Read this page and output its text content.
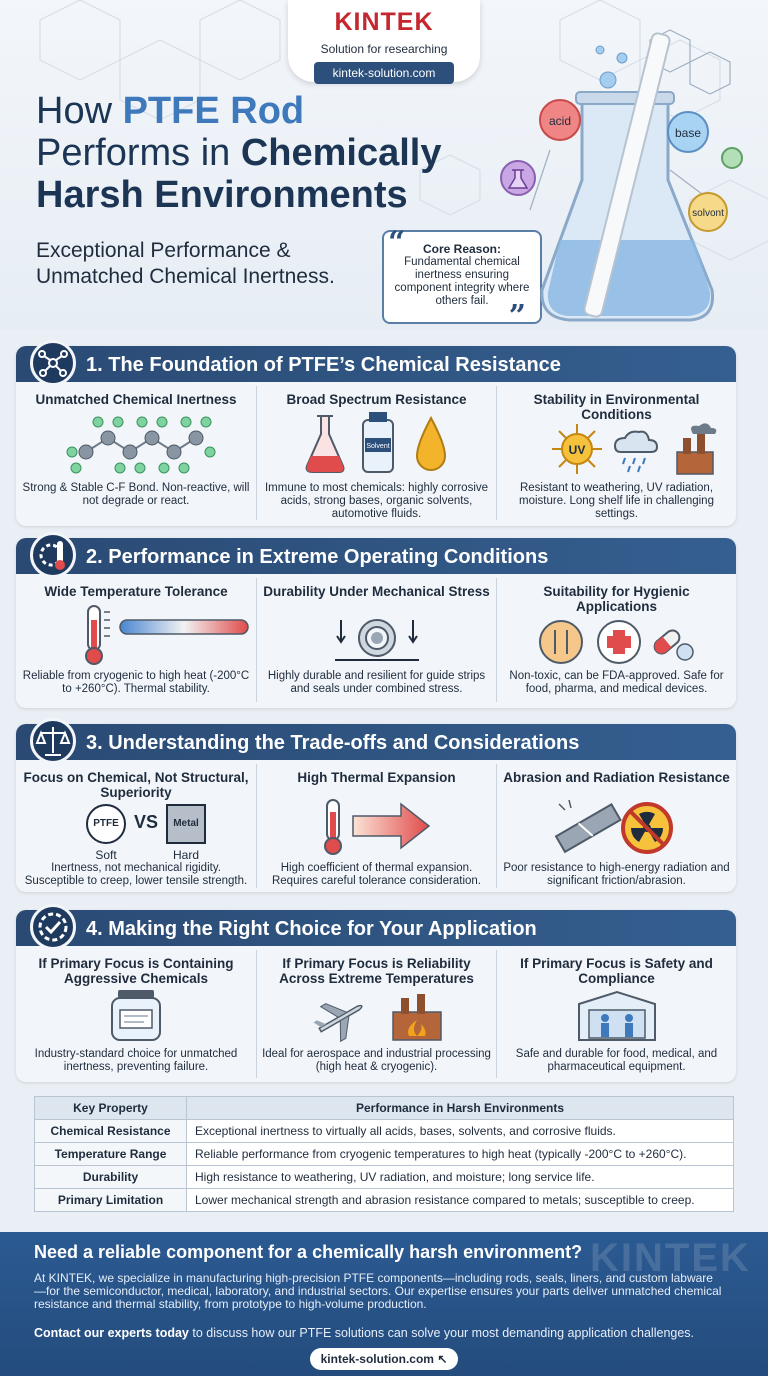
KINTEK
Solution for researching
kintek-solution.com
How PTFE Rod
Performs in Chemically
Harsh Environments
Exceptional Performance & Unmatched Chemical Inertness.
“	Core Reason:
Fundamental chemical inertness ensuring component integrity where others fail. ”
acid
base
solvont
1. The Foundation of PTFE’s Chemical Resistance
Unmatched Chemical Inertness
Strong & Stable C-F Bond. Non-reactive, will not degrade or react.
Broad Spectrum Resistance
Solvent
Immune to most chemicals: highly corrosive acids, strong bases, organic solvents, automotive fluids.
Stability in Environmental Conditions
UV
Resistant to weathering, UV radiation, moisture. Long shelf life in challenging settings.
2. Performance in Extreme Operating Conditions
Wide Temperature Tolerance
Reliable from cryogenic to high heat (-200°C to +260°C). Thermal stability.
Durability Under Mechanical Stress
Highly durable and resilient for guide strips and seals under combined stress.
Suitability for Hygienic Applications
Non-toxic, can be FDA-approved. Safe for food, pharma, and medical devices.
3. Understanding the Trade-offs and Considerations
Focus on Chemical, Not Structural, Superiority
PTFE VS	Metal
Soft	Hard
Inertness, not mechanical rigidity. Susceptible to creep, lower tensile strength.
High Thermal Expansion
High coefficient of thermal expansion. Requires careful tolerance consideration.
Abrasion and Radiation Resistance
Poor resistance to high-energy radiation and significant friction/abrasion.
4. Making the Right Choice for Your Application
If Primary Focus is Containing Aggressive Chemicals
Industry-standard choice for unmatched inertness, preventing failure.
If Primary Focus is Reliability Across Extreme Temperatures
Ideal for aerospace and industrial processing (high heat & cryogenic).
If Primary Focus is Safety and Compliance
Safe and durable for food, medical, and pharmaceutical equipment.
Key Property	Performance in Harsh Environments
Chemical Resistance	Exceptional inertness to virtually all acids, bases, solvents, and corrosive fluids.
Temperature Range	Reliable performance from cryogenic temperatures to high heat (typically -200°C to +260°C).
Durability	High resistance to weathering, UV radiation, and moisture; long service life.
Primary Limitation	Lower mechanical strength and abrasion resistance compared to metals; susceptible to creep.
KINTEK
Need a reliable component for a chemically harsh environment?
At KINTEK, we specialize in manufacturing high-precision PTFE components—including rods, seals, liners, and custom labware—for the semiconductor, medical, laboratory, and industrial sectors. Our expertise ensures your parts deliver unmatched chemical resistance and thermal stability, from prototype to high-volume production.
Contact our experts today to discuss how our PTFE solutions can solve your most demanding application challenges.
kintek-solution.com ↖
